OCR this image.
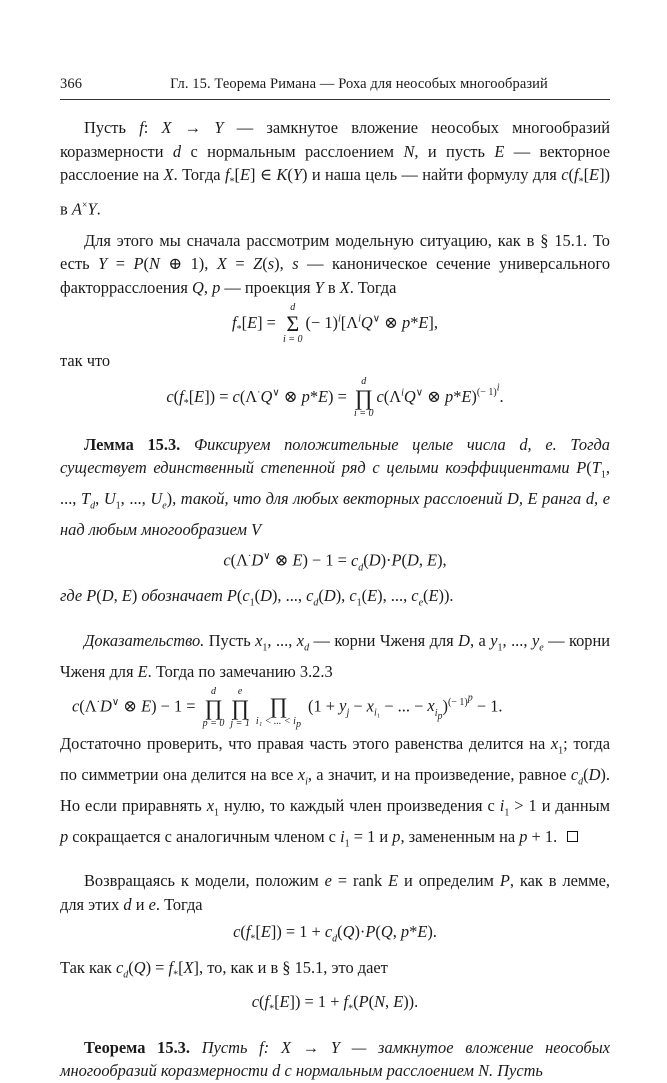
366	Гл. 15. Теорема Римана — Роха для неособых многообразий

Пусть f: X → Y — замкнутое вложение неособых многообразий коразмерности d с нормальным расслоением N, и пусть E — векторное расслоение на X. Тогда $f_*[E]$ ∈ K(Y) и наша цель — найти формулу для $c(f_*[E])$ в A×Y.

Для этого мы сначала рассмотрим модельную ситуацию, как в § 15.1. То есть Y = P(N ⊕ 1), X = Z(s), s — каноническое сечение универсального факторрасслоения Q, p — проекция Y в X. Тогда

$f_*[E]$ =
d
Σ
i = 0
(− $1)^i[\Lambda^iQ^\vee$ ⊗ p*E],

так что

$c(f_*[E]) = c(\Lambda^\cdot Q^\vee$ ⊗ p*E) =
d
∏
i = 0
$c(\Lambda^iQ^\vee$ ⊗ p*E)$^{(- 1)^i}$.

Лемма 15.3. Фиксируем положительные целые числа d, e. Тогда существует единственный степенной ряд с целыми коэффициентами $P(T_1$, ..., $T_d$, $U_1$, ..., $U_e$), такой, что для любых векторных расслоений D, E ранга d, e над любым многообразием V

c(Λ·D∨ ⊗ $E) - 1 = c_d(D)\cdot P(D$, E),

где P(D, E) обозначает $P(c_1(D)$, ..., $c_d(D)$, $c_1(E)$, ..., $c_e(E)$).

Доказательство. Пусть $x_1$, ..., $x_d$ — корни Чженя для D, а $y_1$, ..., $y_e$ — корни Чженя для E. Тогда по замечанию 3.2.3

c(Λ·D∨ ⊗ E) − 1 =
d
∏
p = 0
e
∏
j = 1

∏
i₁ < ... < $i_p$
($1 + y_j - x_{i_1}$ − ... − $x_{i_p})^{(- 1)^p} - 1$.

Достаточно проверить, что правая часть этого равенства делится на $x_1$; тогда по симметрии она делится на все $x_i$, а значит, и на произведение, равное $c_d(D)$. Но если приравнять $x_1$ нулю, то каждый член произведения с $i_1 > 1$ и данным p сокращается с аналогичным членом с $i_1 = 1$ и p, замененным на p + 1.

Возвращаясь к модели, положим e = rank E и определим P, как в лемме, для этих d и e. Тогда

$c(f_*[E]) = 1 + c_d(Q)\cdot P(Q$, p*E).

Так как $c_d(Q) = f_*[X]$, то, как и в § 15.1, это дает

$c(f_*[E]) = 1 + f_*(P(N$, E)).

Теорема 15.3. Пусть f: X → Y — замкнутое вложение неособых многообразий коразмерности d с нормальным расслоением N. Пусть
